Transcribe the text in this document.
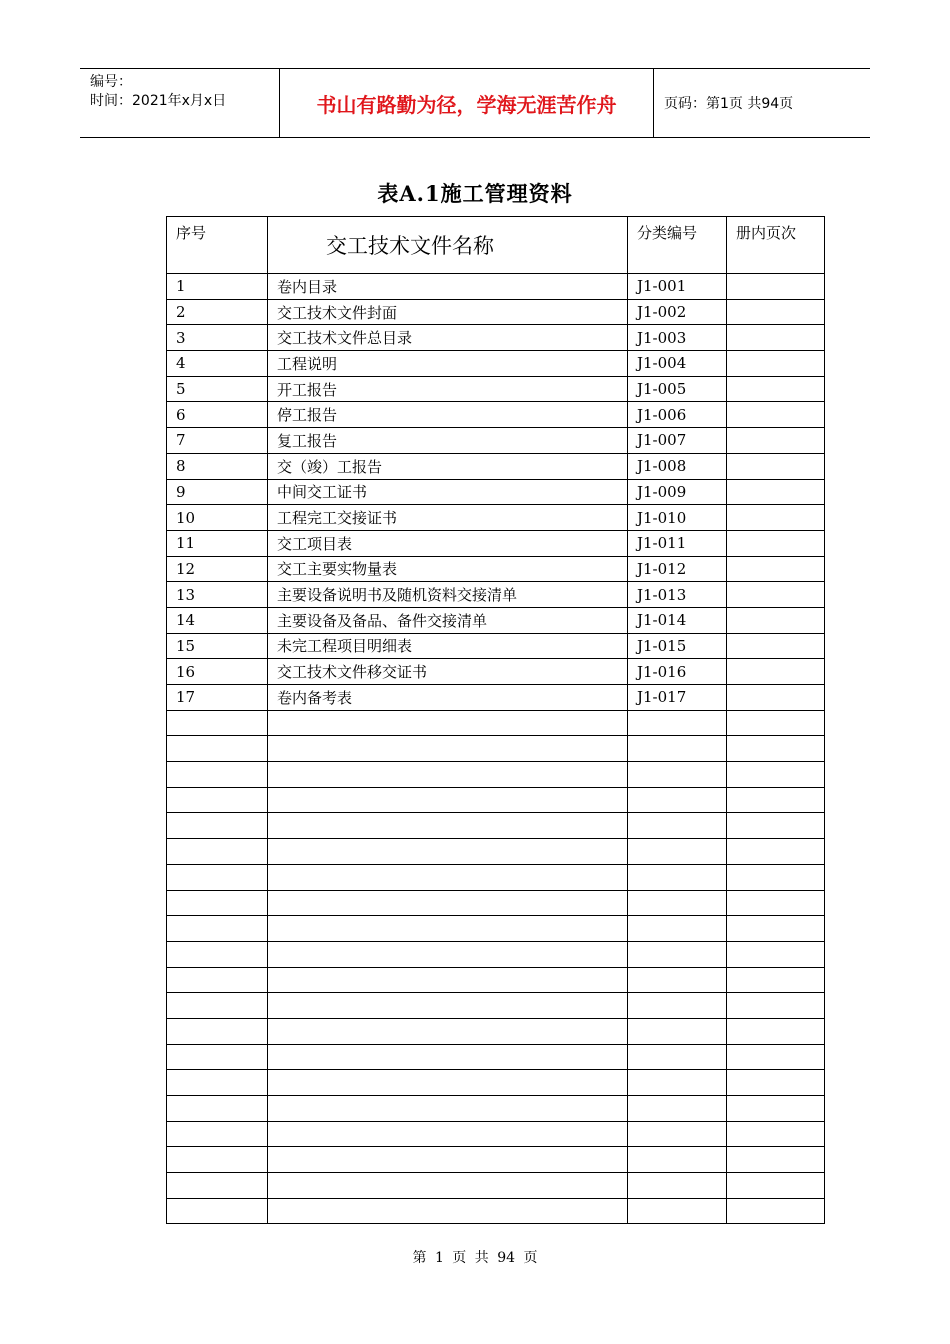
编号：
时间：2021年x月x日	书山有路勤为径，学海无涯苦作舟	页码：第1页 共94页
表A.1施工管理资料
序号	交工技术文件名称	分类编号	册内页次
1	卷内目录	J1-001	
2	交工技术文件封面	J1-002	
3	交工技术文件总目录	J1-003	
4	工程说明	J1-004	
5	开工报告	J1-005	
6	停工报告	J1-006	
7	复工报告	J1-007	
8	交（竣）工报告	J1-008	
9	中间交工证书	J1-009	
10	工程完工交接证书	J1-010	
11	交工项目表	J1-011	
12	交工主要实物量表	J1-012	
13	主要设备说明书及随机资料交接清单	J1-013	
14	主要设备及备品、备件交接清单	J1-014	
15	未完工程项目明细表	J1-015	
16	交工技术文件移交证书	J1-016	
17	卷内备考表	J1-017	

第 1 页 共 94 页
